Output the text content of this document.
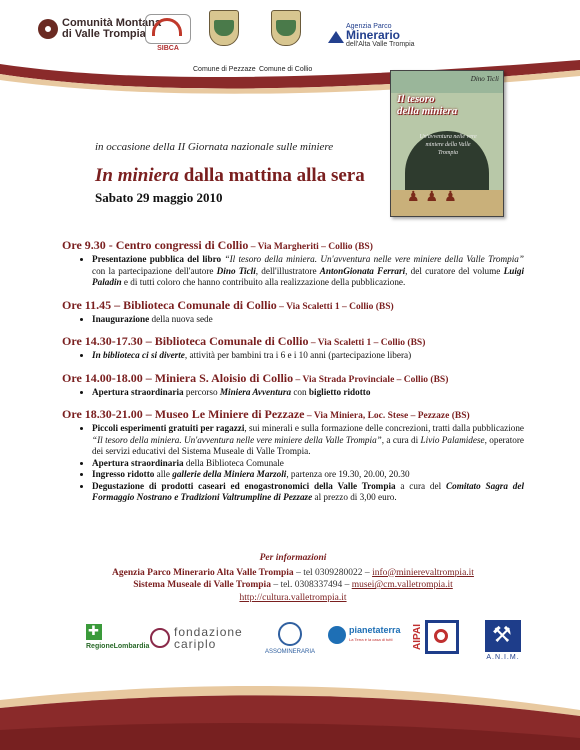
Comunità Montana
di Valle Trompia
SIBCA
Comune di Pezzaze Comune di Collio
Agenzia Parco
Minerario
dell'Alta Valle Trompia
Dino Ticli
Il tesoro
della miniera
Un'avventura nelle vere miniere della Valle Trompia
♟♟♟
in occasione della II Giornata nazionale sulle miniere
In miniera dalla mattina alla sera
Sabato 29 maggio 2010
Ore 9.30 - Centro congressi di Collio – Via Margheriti – Collio (BS)
• Presentazione pubblica del libro “Il tesoro della miniera. Un'avventura nelle vere miniere della Valle Trompia” con la partecipazione dell'autore Dino Ticli, dell'illustratore AntonGionata Ferrari, del curatore del volume Luigi Paladin e di tutti coloro che hanno contribuito alla realizzazione della pubblicazione.
Ore 11.45 – Biblioteca Comunale di Collio – Via Scaletti 1 – Collio (BS)
• Inaugurazione della nuova sede
Ore 14.30-17.30 – Biblioteca Comunale di Collio – Via Scaletti 1 – Collio (BS)
• In biblioteca ci si diverte, attività per bambini tra i 6 e i 10 anni (partecipazione libera)
Ore 14.00-18.00 – Miniera S. Aloisio di Collio – Via Strada Provinciale – Collio (BS)
• Apertura straordinaria percorso Miniera Avventura con biglietto ridotto
Ore 18.30-21.00 – Museo Le Miniere di Pezzaze – Via Miniera, Loc. Stese – Pezzaze (BS)
• Piccoli esperimenti gratuiti per ragazzi, sui minerali e sulla formazione delle concrezioni, tratti dalla pubblicazione “Il tesoro della miniera. Un'avventura nelle vere miniere della Valle Trompia”, a cura di Livio Palamidese, operatore dei servizi educativi del Sistema Museale di Valle Trompia.
• Apertura straordinaria della Biblioteca Comunale
• Ingresso ridotto alle gallerie della Miniera Marzoli, partenza ore 19.30, 20.00, 20.30
• Degustazione di prodotti caseari ed enogastronomici della Valle Trompia a cura del Comitato Sagra del Formaggio Nostrano e Tradizioni Valtrumpline di Pezzaze al prezzo di 3,00 euro.
Per informazioni
Agenzia Parco Minerario Alta Valle Trompia – tel 0309280022 – info@minierevaltrompia.it
Sistema Museale di Valle Trompia – tel. 0308337494 – musei@cm.valletrompia.it
http://cultura.valletrompia.it
✚
RegioneLombardia
fondazione
cariplo
ASSOMINERARIA
pianetaterra
La Terra è la casa di tutti	AIPAI
⚒
A.N.I.M.
